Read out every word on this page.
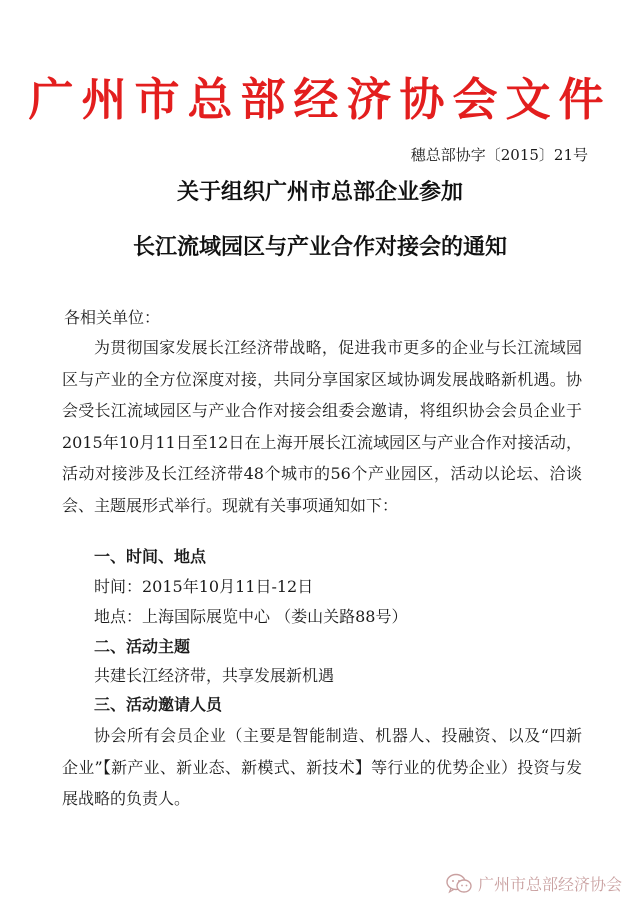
广州市总部经济协会文件
穗总部协字〔2015〕21号
关于组织广州市总部企业参加
长江流域园区与产业合作对接会的通知
各相关单位：
为贯彻国家发展长江经济带战略，促进我市更多的企业与长江流域园区与产业的全方位深度对接，共同分享国家区域协调发展战略新机遇。协会受长江流域园区与产业合作对接会组委会邀请，将组织协会会员企业于 2015年10月11日至12日在上海开展长江流域园区与产业合作对接活动，活动对接涉及长江经济带48个城市的56个产业园区，活动以论坛、洽谈会、主题展形式举行。现就有关事项通知如下：
一、时间、地点
时间：2015年10月11日-12日
地点：上海国际展览中心 （娄山关路88号）
二、活动主题
共建长江经济带，共享发展新机遇
三、活动邀请人员
协会所有会员企业（主要是智能制造、机器人、投融资、以及“四新企业”【新产业、新业态、新模式、新技术】等行业的优势企业）投资与发展战略的负责人。
广州市总部经济协会
